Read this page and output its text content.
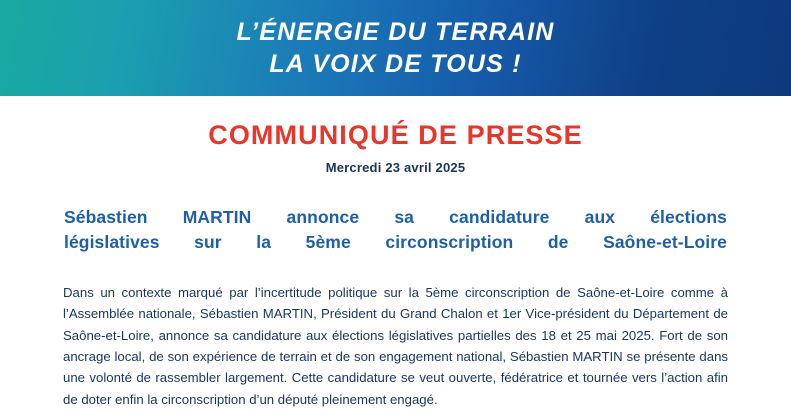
L’ÉNERGIE DU TERRAIN
LA VOIX DE TOUS !
COMMUNIQUÉ DE PRESSE
Mercredi 23 avril 2025
Sébastien MARTIN annonce sa candidature aux élections
législatives sur la 5ème circonscription de Saône-et-Loire

Dans un contexte marqué par l’incertitude politique sur la 5ème circonscription de Saône-et-Loire comme à l’Assemblée nationale, Sébastien MARTIN, Président du Grand Chalon et 1er Vice-président du Département de Saône-et-Loire, annonce sa candidature aux élections législatives partielles des 18 et 25 mai 2025. Fort de son ancrage local, de son expérience de terrain et de son engagement national, Sébastien MARTIN se présente dans une volonté de rassembler largement. Cette candidature se veut ouverte, fédératrice et tournée vers l’action afin de doter enfin la circonscription d’un député pleinement engagé.
